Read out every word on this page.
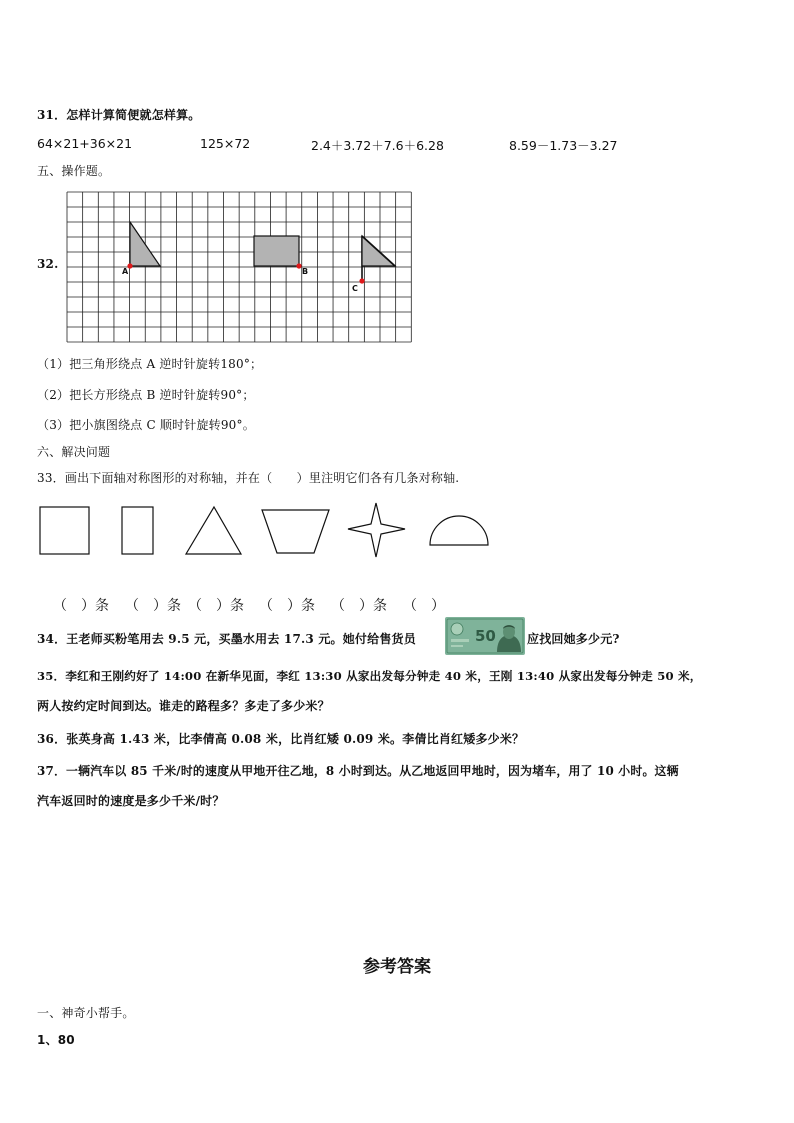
31．怎样计算简便就怎样算。
64×21+36×21	125×72	2.4＋3.72＋7.6＋6.28	8.59－1.73－3.27
五、操作题。
32.
A	B
C
（1）把三角形绕点 A 逆时针旋转180°；
（2）把长方形绕点 B 逆时针旋转90°；
（3）把小旗图绕点 C 顺时针旋转90°。
六、解决问题
33．画出下面轴对称图形的对称轴，并在（　　）里注明它们各有几条对称轴.
（　）条 （　）条 （　）条 （　）条 （　）条 （　）
34．王老师买粉笔用去 9.5 元，买墨水用去 17.3 元。她付给售货员	50	应找回她多少元?
35．李红和王刚约好了 14:00 在新华见面，李红 13:30 从家出发每分钟走 40 米，王刚 13:40 从家出发每分钟走 50 米，
两人按约定时间到达。谁走的路程多？多走了多少米？
36．张英身高 1.43 米，比李倩高 0.08 米，比肖红矮 0.09 米。李倩比肖红矮多少米？
37．一辆汽车以 85 千米/时的速度从甲地开往乙地，8 小时到达。从乙地返回甲地时，因为堵车，用了 10 小时。这辆
汽车返回时的速度是多少千米/时？
参考答案
一、神奇小帮手。
1、80
